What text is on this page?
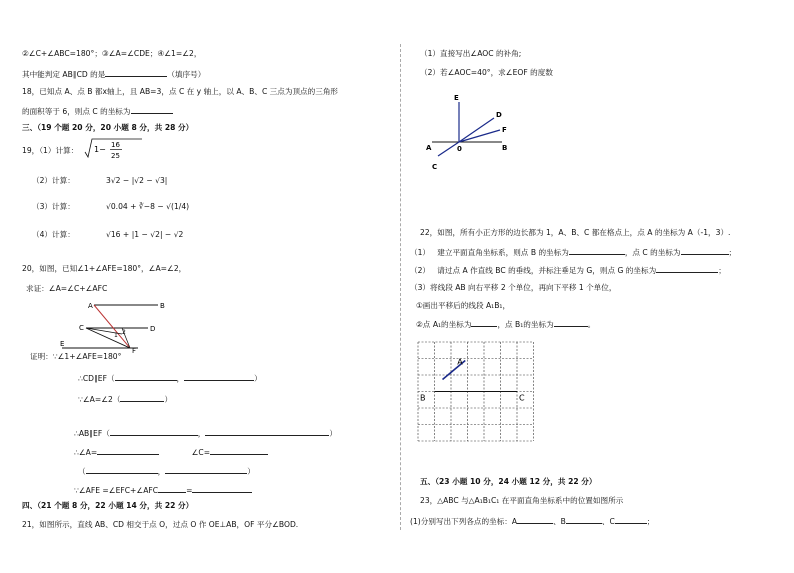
②∠C+∠ABC=180°；③∠A=∠CDE；④∠1=∠2，
其中能判定 AB∥CD 的是	（填序号）
18，已知点 A、点 B 都x轴上，且 AB=3，点 C 在 y 轴上，以 A、B、C 三点为顶点的三角形
的面积等于 6，则点 C 的坐标为
三、（19 个题 20 分，20 小题 8 分，共 28 分）
19，（1）计算： 1− 16
25
（2）计算：	3√2 − |√2 − √3|
（3）计算：	√0.04 + ∛−8 − √(1/4)
（4）计算：	√16 + |1 − √2| − √2
20，如图，已知∠1+∠AFE=180°，∠A=∠2，
求证：∠A=∠C+∠AFC
A	B
C	D
E
F
1 2
证明：∵∠1+∠AFE=180°
∴CD∥EF（	，	）
∵∠A=∠2（	）
∴AB∥EF（	，	）
∴∠A=	∠C=
（	，	）
∵∠AFE =∠EFC+∠AFC	=
四、（21 个题 8 分，22 小题 14 分，共 22 分）
21，如图所示，直线 AB、CD 相交于点 O，过点 O 作 OE⊥AB，OF 平分∠BOD.
（1）直接写出∠AOC 的补角;
（2）若∠AOC=40°，求∠EOF 的度数
E
D
F
A	0	B
C
22，如图，所有小正方形的边长都为 1，A、B、C 都在格点上，点 A 的坐标为 A（-1，3）.
（1） 建立平面直角坐标系，则点 B 的坐标为	，点 C 的坐标为	；
（2） 请过点 A 作直线 BC 的垂线，并标注垂足为 G，则点 G 的坐标为	；
（3）将线段 AB 向右平移 2 个单位，再向下平移 1 个单位，
①画出平移后的线段 A₁B₁，
②点 A₁的坐标为	，点 B₁的坐标为	。
A
B	C
五、（23 小题 10 分，24 小题 12 分，共 22 分）
23，△ABC 与△A₁B₁C₁ 在平面直角坐标系中的位置如图所示
(1)分别写出下列各点的坐标：A	、B	、C	；
